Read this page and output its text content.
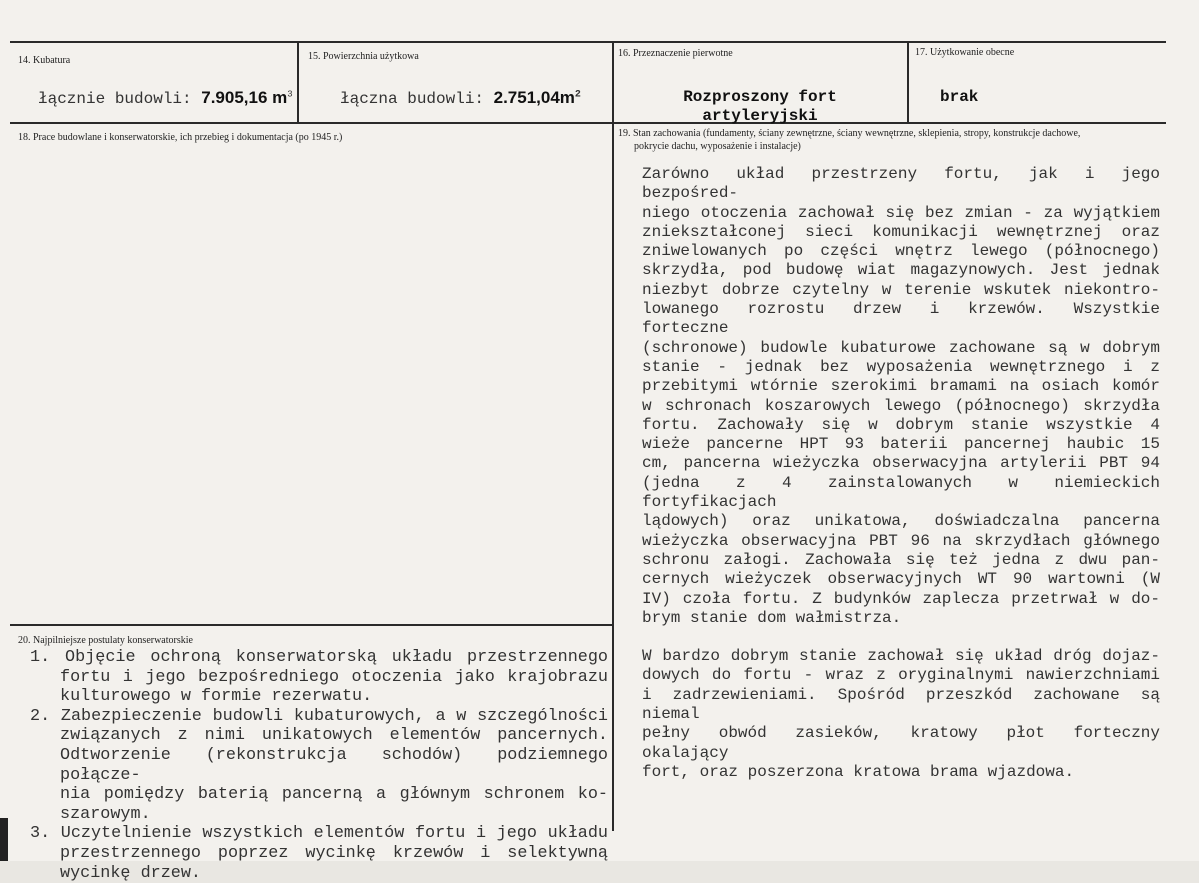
14. Kubatura
łącznie budowli: 7.905,16 $m^3$
15. Powierzchnia użytkowa
łączna budowli: $2.751,04m^2$
16. Przeznaczenie pierwotne
Rozproszony fort
artyleryjski
17. Użytkowanie obecne
brak
18. Prace budowlane i konserwatorskie, ich przebieg i dokumentacja (po 1945 r.)	19. Stan zachowania (fundamenty, ściany zewnętrzne, ściany wewnętrzne, sklepienia, stropy, konstrukcje dachowe,
pokrycie dachu, wyposażenie i instalacje)
Zarówno układ przestrzeny fortu, jak i jego bezpośred-
niego otoczenia zachował się bez zmian - za wyjątkiem
zniekształconej sieci komunikacji wewnętrznej oraz
zniwelowanych po części wnętrz lewego (północnego)
skrzydła, pod budowę wiat magazynowych. Jest jednak
niezbyt dobrze czytelny w terenie wskutek niekontro-
lowanego rozrostu drzew i krzewów. Wszystkie forteczne
(schronowe) budowle kubaturowe zachowane są w dobrym
stanie - jednak bez wyposażenia wewnętrznego i z
przebitymi wtórnie szerokimi bramami na osiach komór
w schronach koszarowych lewego (północnego) skrzydła
fortu. Zachowały się w dobrym stanie wszystkie 4
wieże pancerne HPT 93 baterii pancernej haubic 15
cm, pancerna wieżyczka obserwacyjna artylerii PBT 94
(jedna z 4 zainstalowanych w niemieckich fortyfikacjach
lądowych) oraz unikatowa, doświadczalna pancerna
wieżyczka obserwacyjna PBT 96 na skrzydłach głównego
schronu załogi. Zachowała się też jedna z dwu pan-
cernych wieżyczek obserwacyjnych WT 90 wartowni (W
IV) czoła fortu. Z budynków zaplecza przetrwał w do-
brym stanie dom wałmistrza.
W bardzo dobrym stanie zachował się układ dróg dojaz-
dowych do fortu - wraz z oryginalnymi nawierzchniami
i zadrzewieniami. Spośród przeszkód zachowane są niemal
pełny obwód zasieków, kratowy płot forteczny okalający
fort, oraz poszerzona kratowa brama wjazdowa.
20. Najpilniejsze postulaty konserwatorskie
1. Objęcie ochroną konserwatorską układu przestrzennego
fortu i jego bezpośredniego otoczenia jako krajobrazu
kulturowego w formie rezerwatu.
2. Zabezpieczenie budowli kubaturowych, a w szczególności
związanych z nimi unikatowych elementów pancernych.
Odtworzenie (rekonstrukcja schodów) podziemnego połącze-
nia pomiędzy baterią pancerną a głównym schronem ko-
szarowym.
3. Uczytelnienie wszystkich elementów fortu i jego układu
przestrzennego poprzez wycinkę krzewów i selektywną
wycinkę drzew.
